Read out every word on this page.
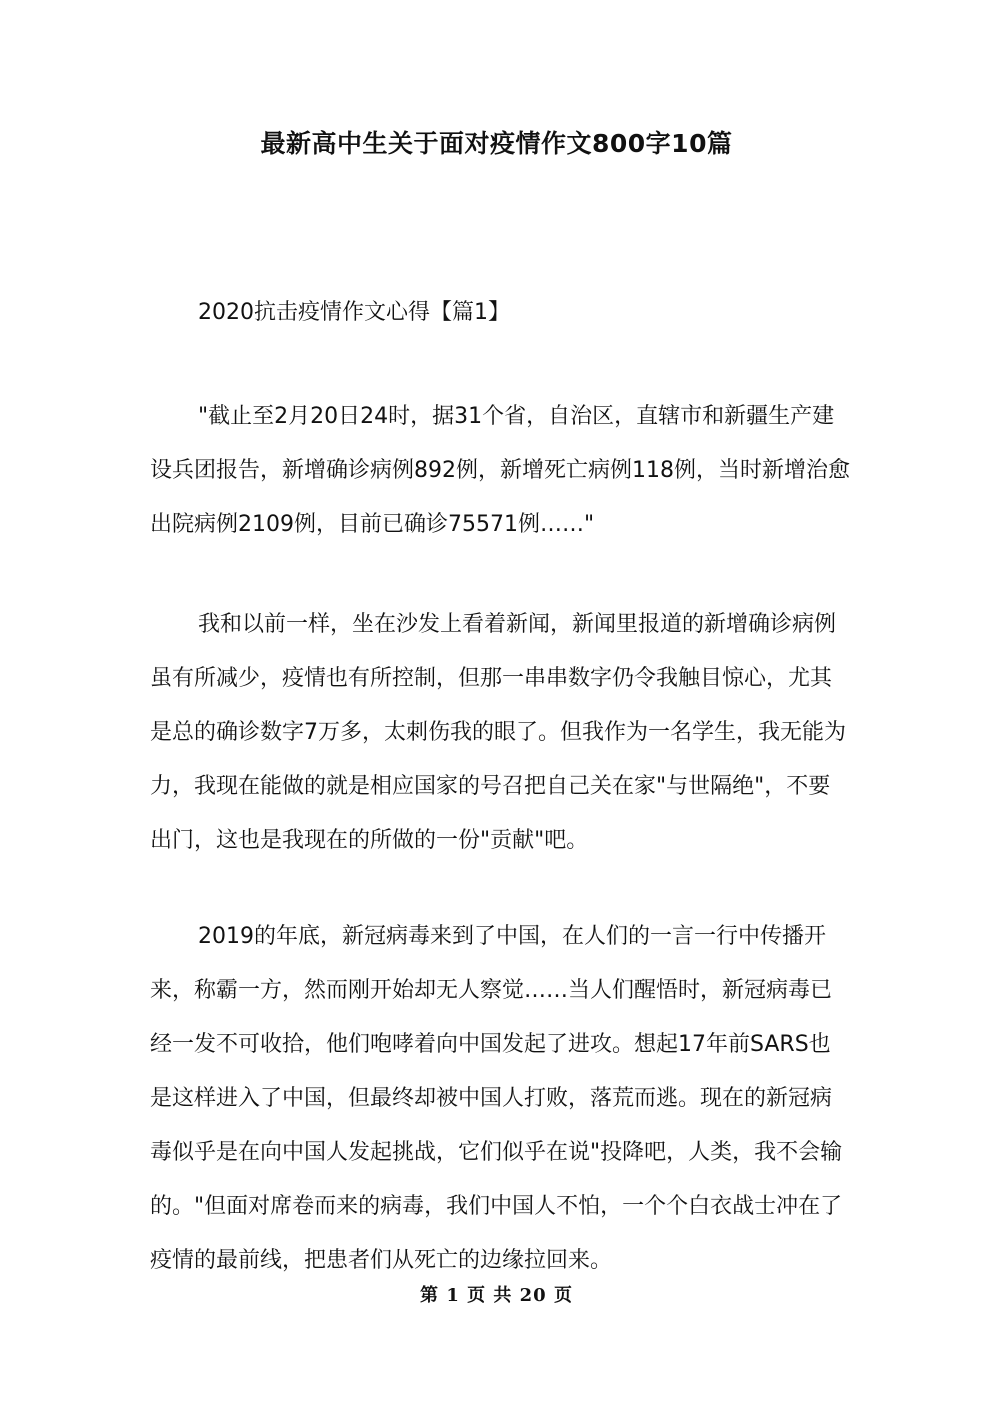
最新高中生关于面对疫情作文800字10篇
2020抗击疫情作文心得【篇1】

"截止至2月20日24时，据31个省，自治区，直辖市和新疆生产建设兵团报告，新增确诊病例892例，新增死亡病例118例，当时新增治愈出院病例2109例，目前已确诊75571例……"

我和以前一样，坐在沙发上看着新闻，新闻里报道的新增确诊病例虽有所减少，疫情也有所控制，但那一串串数字仍令我触目惊心，尤其是总的确诊数字7万多，太刺伤我的眼了。但我作为一名学生，我无能为力，我现在能做的就是相应国家的号召把自己关在家"与世隔绝"，不要出门，这也是我现在的所做的一份"贡献"吧。

2019的年底，新冠病毒来到了中国，在人们的一言一行中传播开来，称霸一方，然而刚开始却无人察觉……当人们醒悟时，新冠病毒已经一发不可收拾，他们咆哮着向中国发起了进攻。想起17年前SARS也是这样进入了中国，但最终却被中国人打败，落荒而逃。现在的新冠病毒似乎是在向中国人发起挑战，它们似乎在说"投降吧，人类，我不会输的。"但面对席卷而来的病毒，我们中国人不怕，一个个白衣战士冲在了疫情的最前线，把患者们从死亡的边缘拉回来。

第 1 页 共 20 页
